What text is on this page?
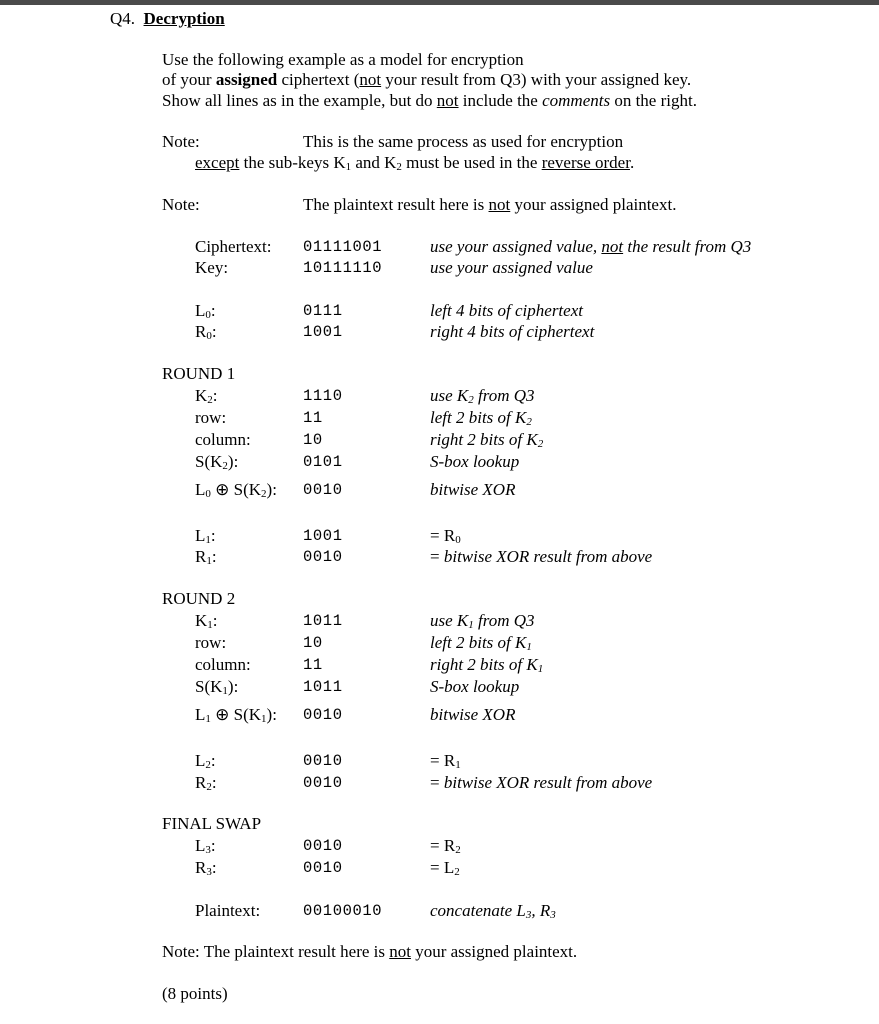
Q4. Decryption
Use the following example as a model for encryption
of your assigned ciphertext (not your result from Q3) with your assigned key.
Show all lines as in the example, but do not include the comments on the right.
Note:	This is the same process as used for encryption
except the sub-keys $K_1$ and $K_2$ must be used in the reverse order.
Note:	The plaintext result here is not your assigned plaintext.
Ciphertext: 01111001	use your assigned value, not the result from Q3
Key:	10111110	use your assigned value
$L_0$:	0111	left 4 bits of ciphertext
$R_0$:	1001	right 4 bits of ciphertext
ROUND 1
$K_2$:	1110	use $K_2$ from Q3
row:	11	left 2 bits of $K_2$
column:	10	right 2 bits of $K_2$
$S(K_2)$:	0101	S-box lookup
$L_0$ ⊕ $S(K_2)$: 0010	bitwise XOR
$L_1$:	1001	= $R_0$
$R_1$:	0010	= bitwise XOR result from above
ROUND 2
$K_1$:	1011	use $K_1$ from Q3
row:	10	left 2 bits of $K_1$
column:	11	right 2 bits of $K_1$
$S(K_1)$:	1011	S-box lookup
$L_1$ ⊕ $S(K_1)$: 0010	bitwise XOR
$L_2$:	0010	= $R_1$
$R_2$:	0010	= bitwise XOR result from above
FINAL SWAP
$L_3$:	0010	= $R_2$
$R_3$:	0010	= $L_2$
Plaintext:	00100010	concatenate $L_3$, $R_3$
Note: The plaintext result here is not your assigned plaintext.
(8 points)
